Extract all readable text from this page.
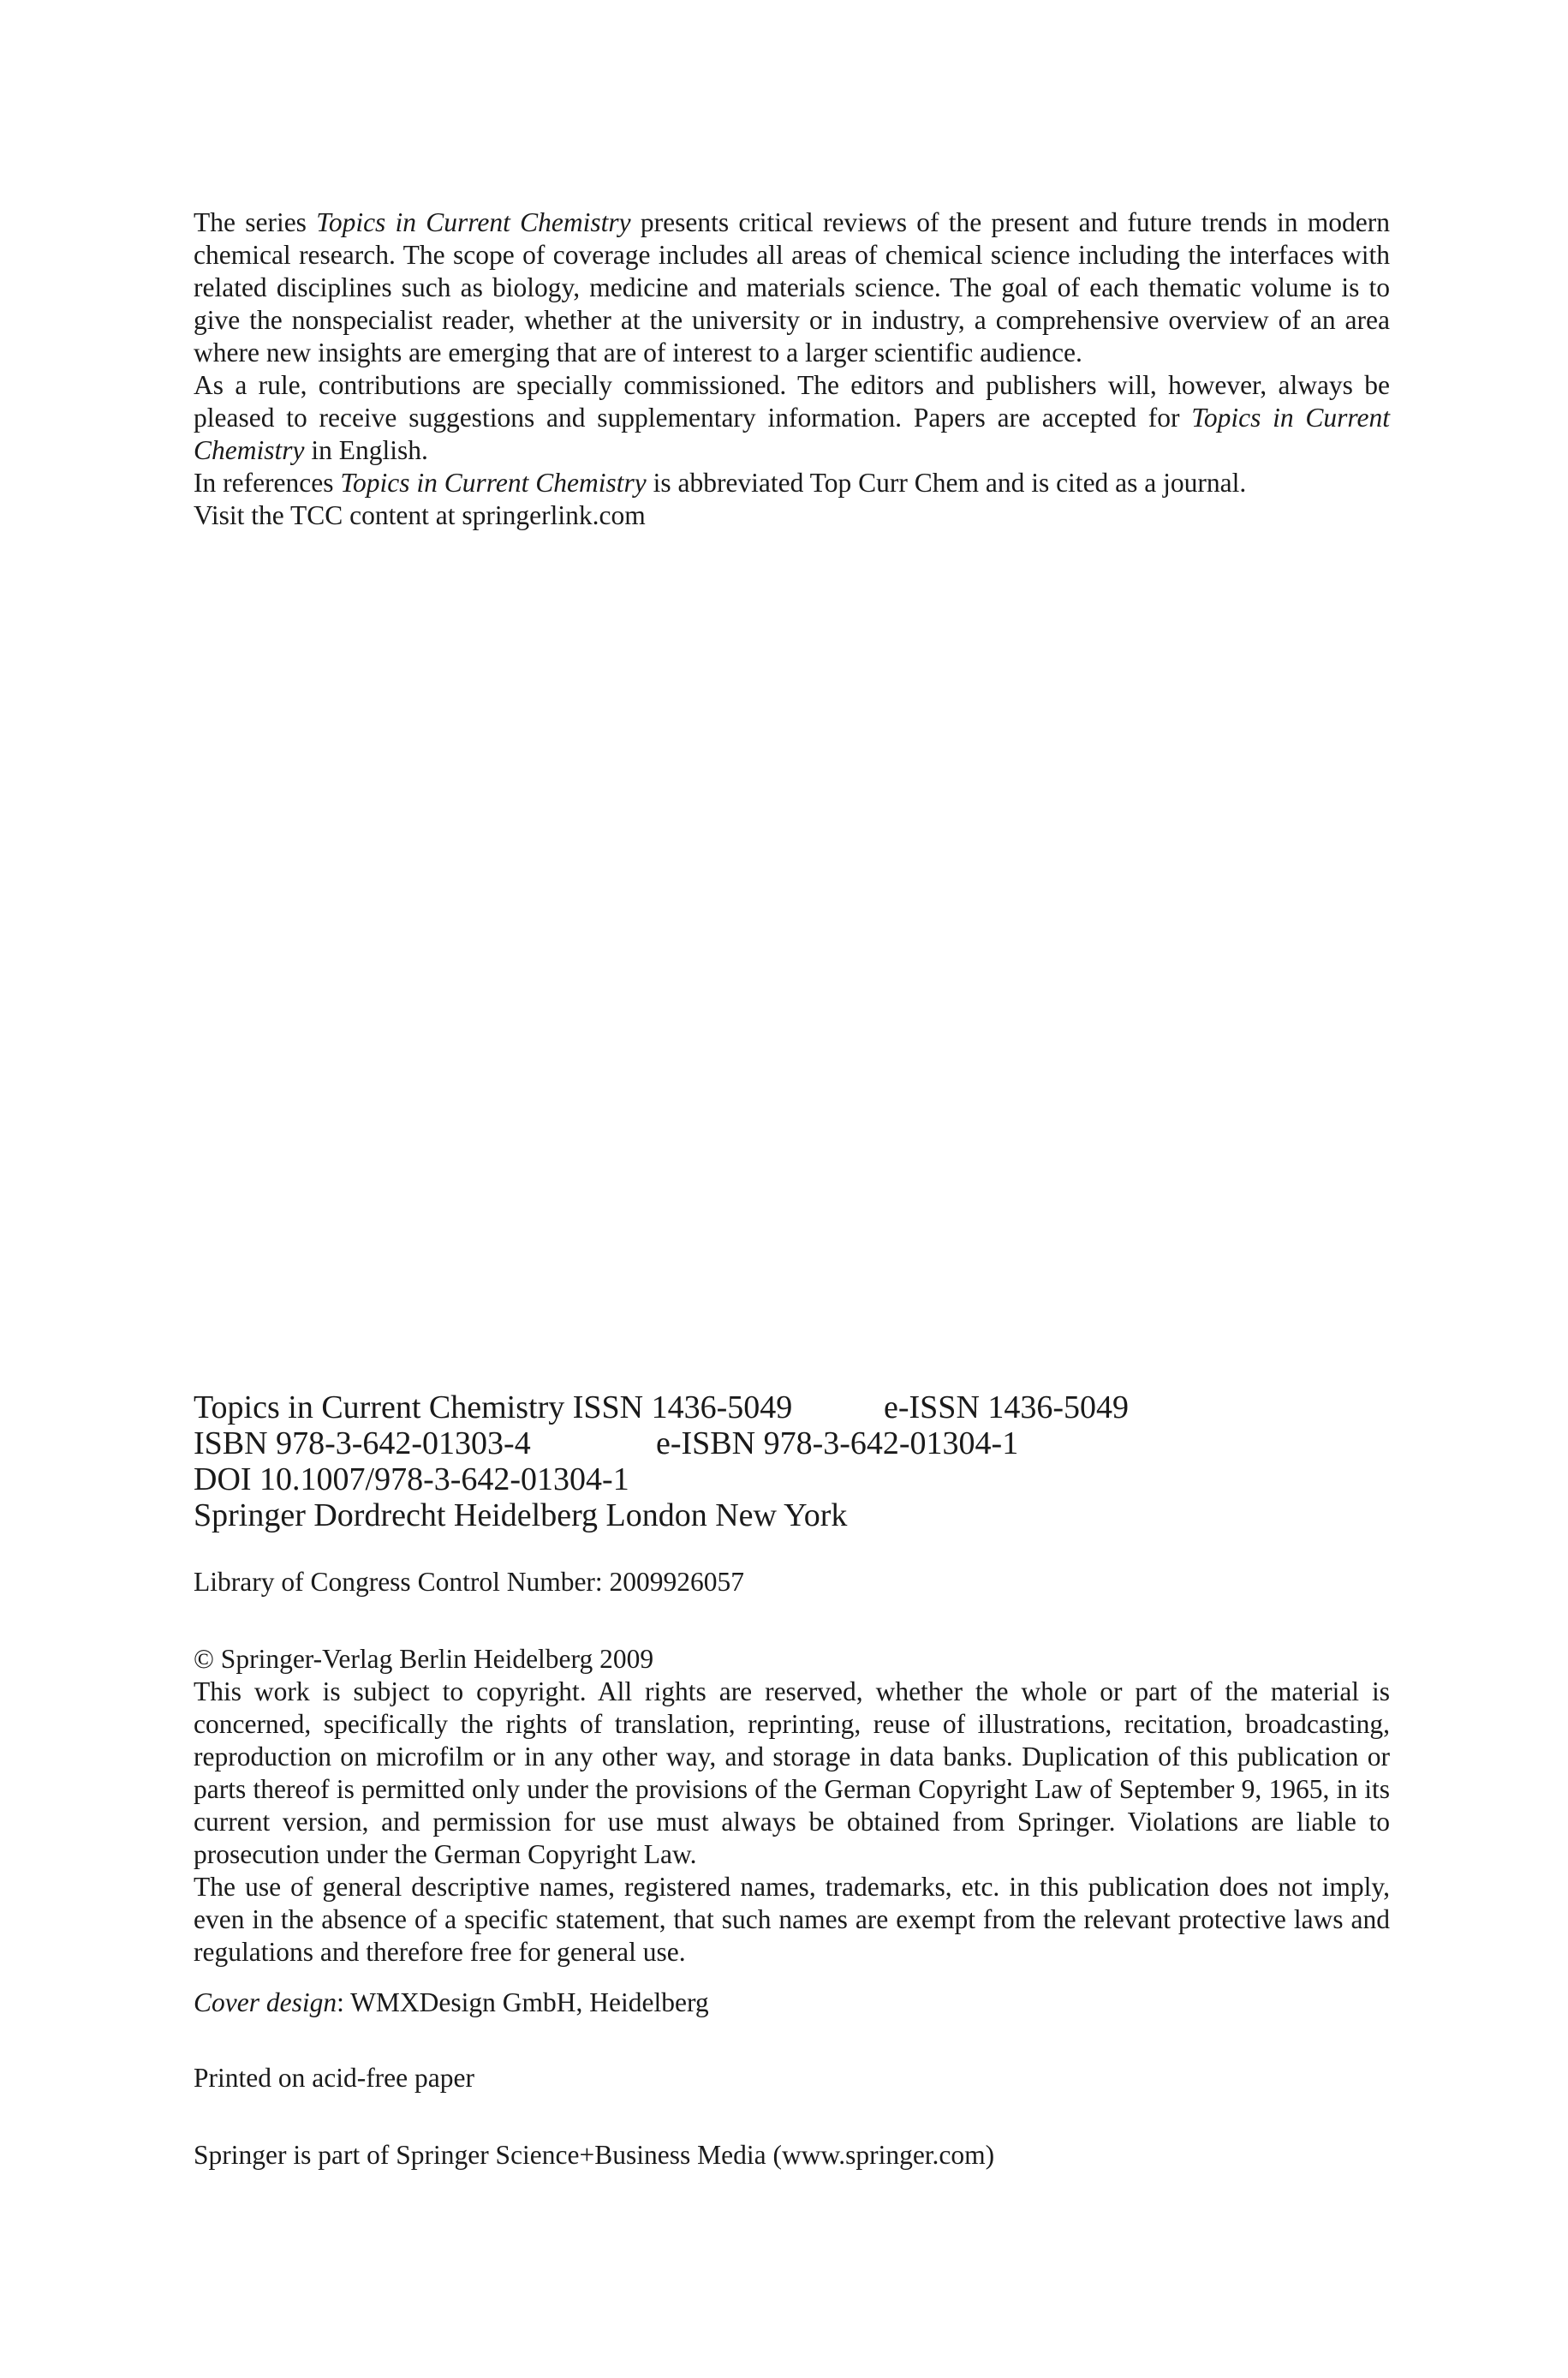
The series Topics in Current Chemistry presents critical reviews of the present and future trends in modern chemical research. The scope of coverage includes all areas of chemical science including the interfaces with related disciplines such as biology, medicine and materials science. The goal of each thematic volume is to give the nonspecialist reader, whether at the university or in industry, a comprehensive overview of an area where new insights are emerging that are of interest to a larger scientific audience.

As a rule, contributions are specially commissioned. The editors and publishers will, however, always be pleased to receive suggestions and supplementary information. Papers are accepted for Topics in Current Chemistry in English.

In references Topics in Current Chemistry is abbreviated Top Curr Chem and is cited as a journal.

Visit the TCC content at springerlink.com

Topics in Current Chemistry ISSN 1436-5049	e-ISSN 1436-5049
ISBN 978-3-642-01303-4	e-ISBN 978-3-642-01304-1
DOI 10.1007/978-3-642-01304-1
Springer Dordrecht Heidelberg London New York

Library of Congress Control Number: 2009926057

© Springer-Verlag Berlin Heidelberg 2009

This work is subject to copyright. All rights are reserved, whether the whole or part of the material is concerned, specifically the rights of translation, reprinting, reuse of illustrations, recitation, broadcasting, reproduction on microfilm or in any other way, and storage in data banks. Duplication of this publication or parts thereof is permitted only under the provisions of the German Copyright Law of September 9, 1965, in its current version, and permission for use must always be obtained from Springer. Violations are liable to prosecution under the German Copyright Law.

The use of general descriptive names, registered names, trademarks, etc. in this publication does not imply, even in the absence of a specific statement, that such names are exempt from the relevant protective laws and regulations and therefore free for general use.

Cover design: WMXDesign GmbH, Heidelberg

Printed on acid-free paper

Springer is part of Springer Science+Business Media (www.springer.com)
